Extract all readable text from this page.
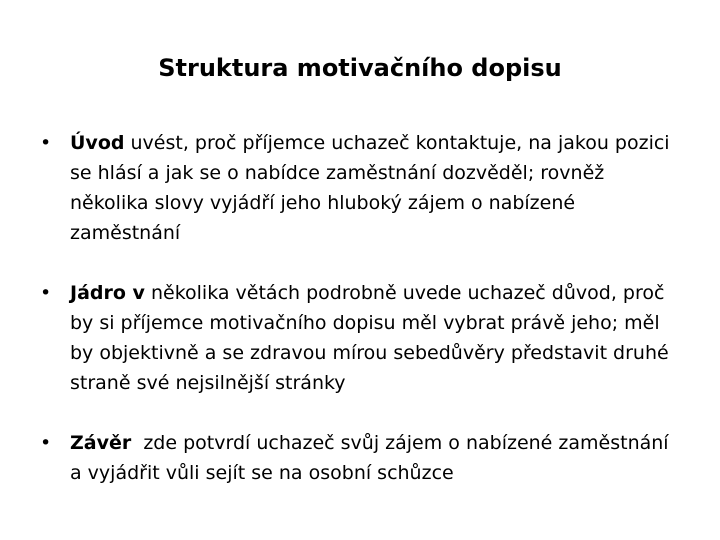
Struktura motivačního dopisu
• Úvod uvést, proč příjemce uchazeč kontaktuje, na jakou pozici se hlásí a jak se o nabídce zaměstnání dozvěděl; rovněž několika slovy vyjádří jeho hluboký zájem o nabízené zaměstnání
• Jádro v několika větách podrobně uvede uchazeč důvod, proč by si příjemce motivačního dopisu měl vybrat právě jeho; měl by objektivně a se zdravou mírou sebedůvěry představit druhé straně své nejsilnější stránky
• Závěr  zde potvrdí uchazeč svůj zájem o nabízené zaměstnání a vyjádřit vůli sejít se na osobní schůzce
